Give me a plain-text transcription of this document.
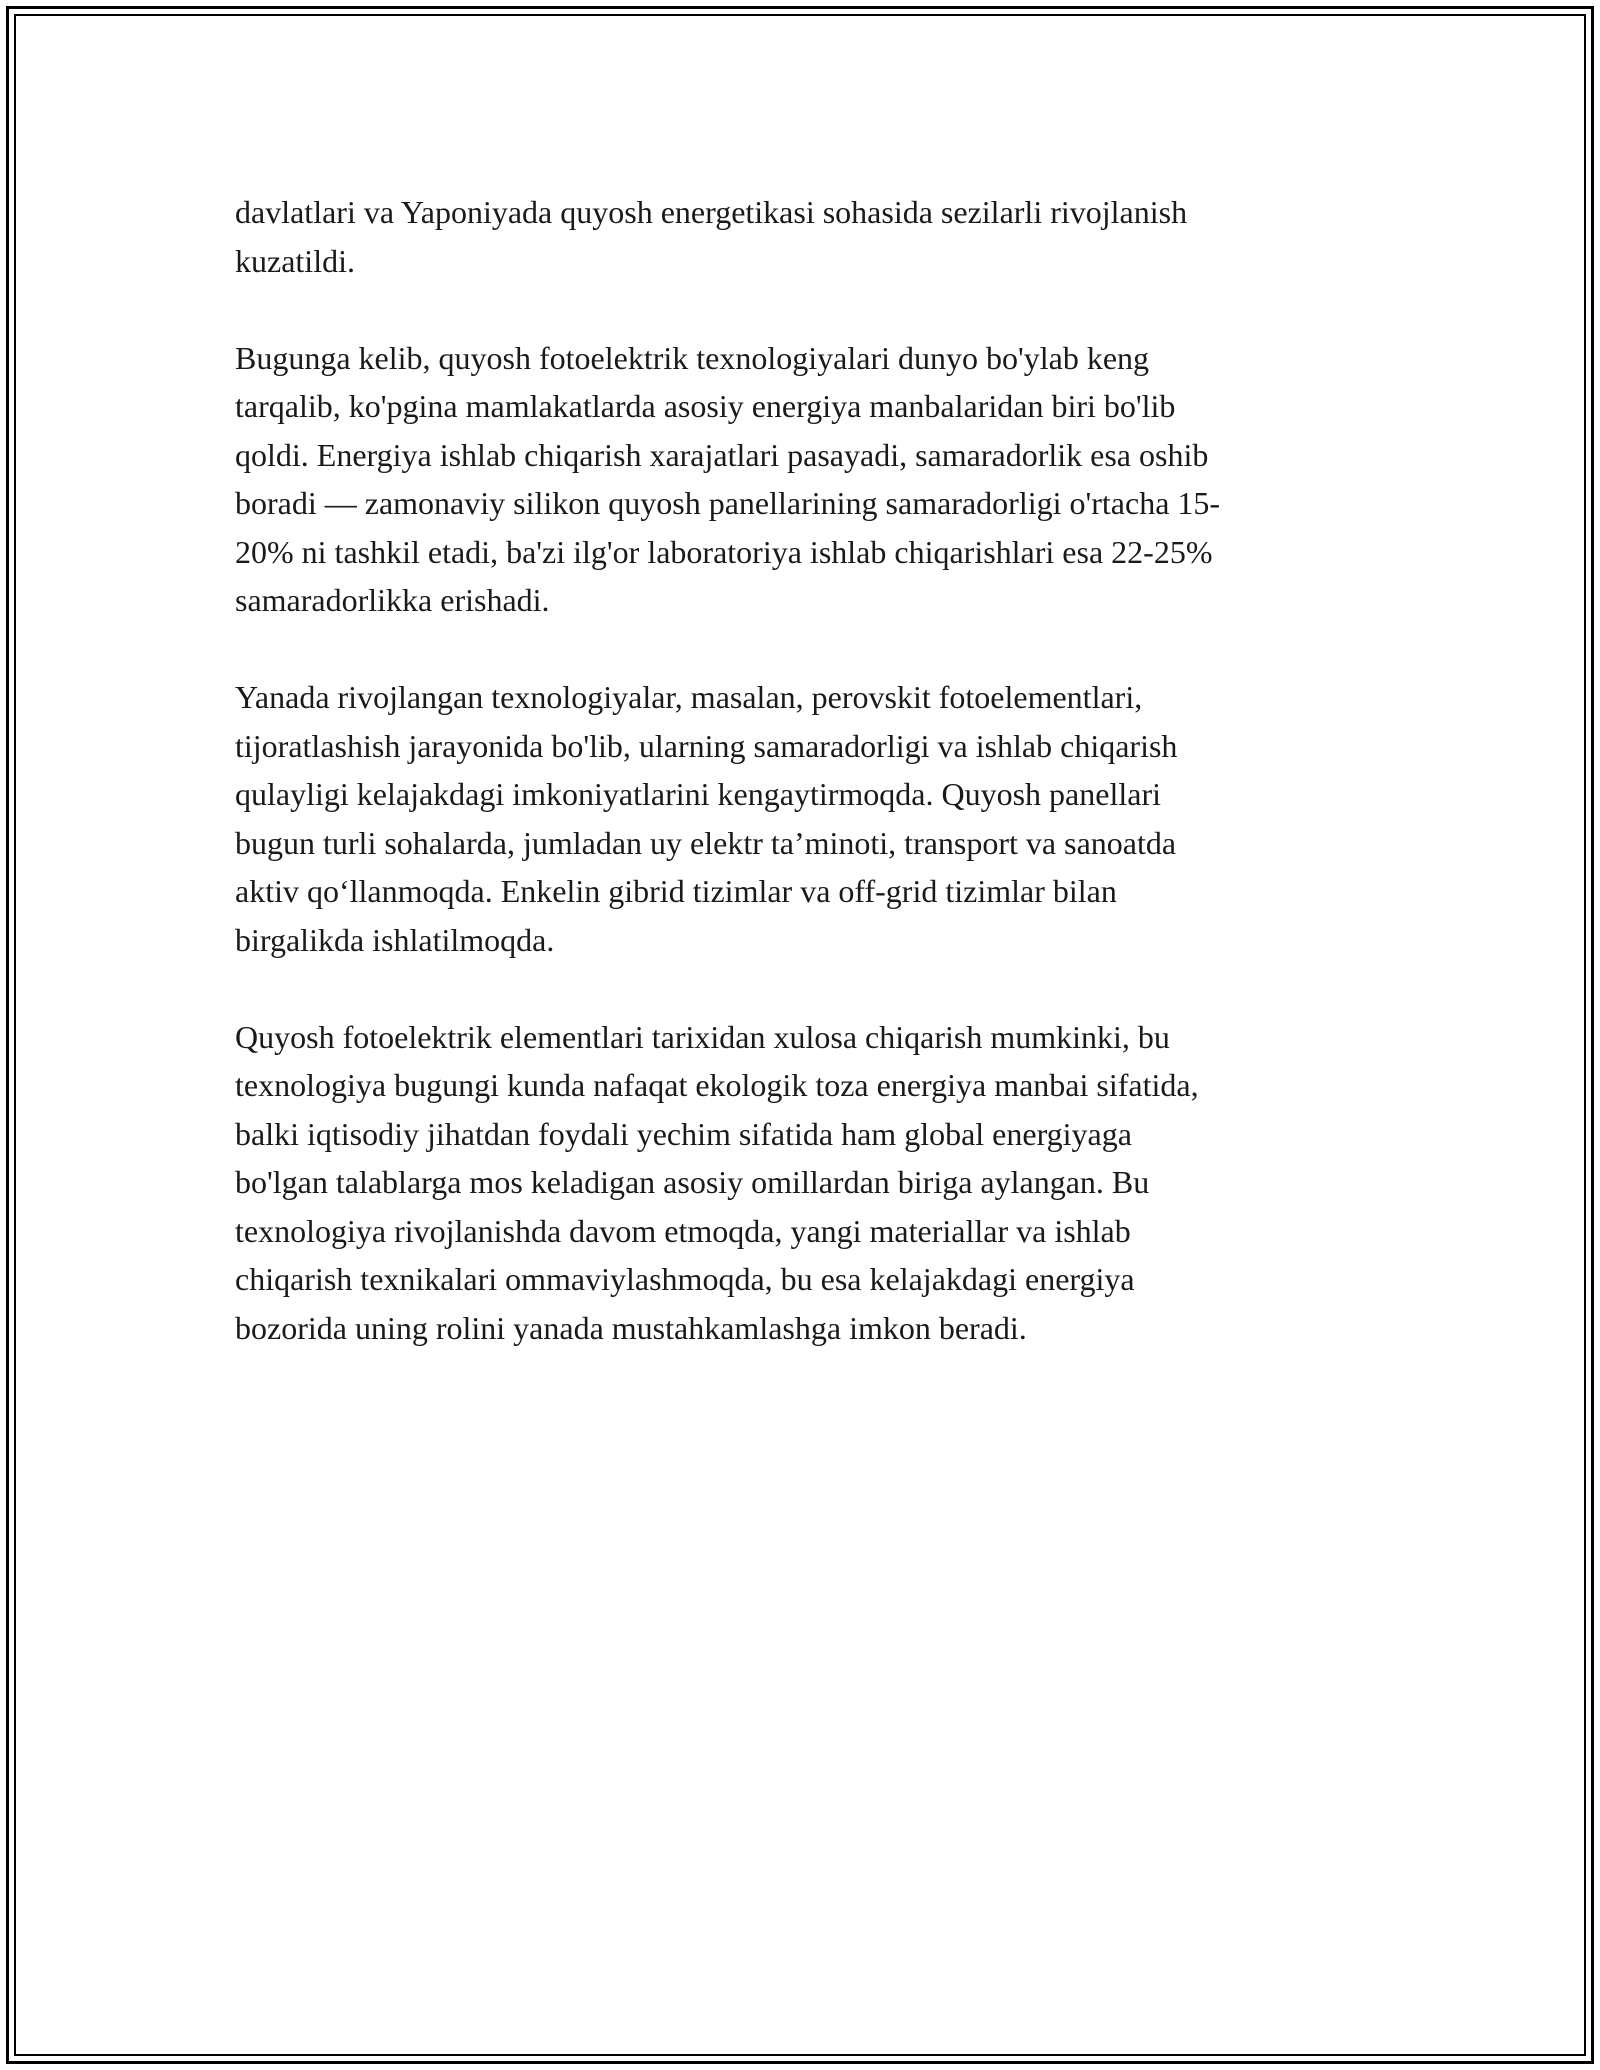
davlatlari va Yaponiyada quyosh energetikasi sohasida sezilarli rivojlanish
kuzatildi.

Bugunga kelib, quyosh fotoelektrik texnologiyalari dunyo bo'ylab keng
tarqalib, ko'pgina mamlakatlarda asosiy energiya manbalaridan biri bo'lib
qoldi. Energiya ishlab chiqarish xarajatlari pasayadi, samaradorlik esa oshib
boradi — zamonaviy silikon quyosh panellarining samaradorligi o'rtacha 15-
20% ni tashkil etadi, ba'zi ilg'or laboratoriya ishlab chiqarishlari esa 22-25%
samaradorlikka erishadi.

Yanada rivojlangan texnologiyalar, masalan, perovskit fotoelementlari,
tijoratlashish jarayonida bo'lib, ularning samaradorligi va ishlab chiqarish
qulayligi kelajakdagi imkoniyatlarini kengaytirmoqda. Quyosh panellari
bugun turli sohalarda, jumladan uy elektr ta’minoti, transport va sanoatda
aktiv qo‘llanmoqda. Enkelin gibrid tizimlar va off-grid tizimlar bilan
birgalikda ishlatilmoqda.

Quyosh fotoelektrik elementlari tarixidan xulosa chiqarish mumkinki, bu
texnologiya bugungi kunda nafaqat ekologik toza energiya manbai sifatida,
balki iqtisodiy jihatdan foydali yechim sifatida ham global energiyaga
bo'lgan talablarga mos keladigan asosiy omillardan biriga aylangan. Bu
texnologiya rivojlanishda davom etmoqda, yangi materiallar va ishlab
chiqarish texnikalari ommaviylashmoqda, bu esa kelajakdagi energiya
bozorida uning rolini yanada mustahkamlashga imkon beradi.
